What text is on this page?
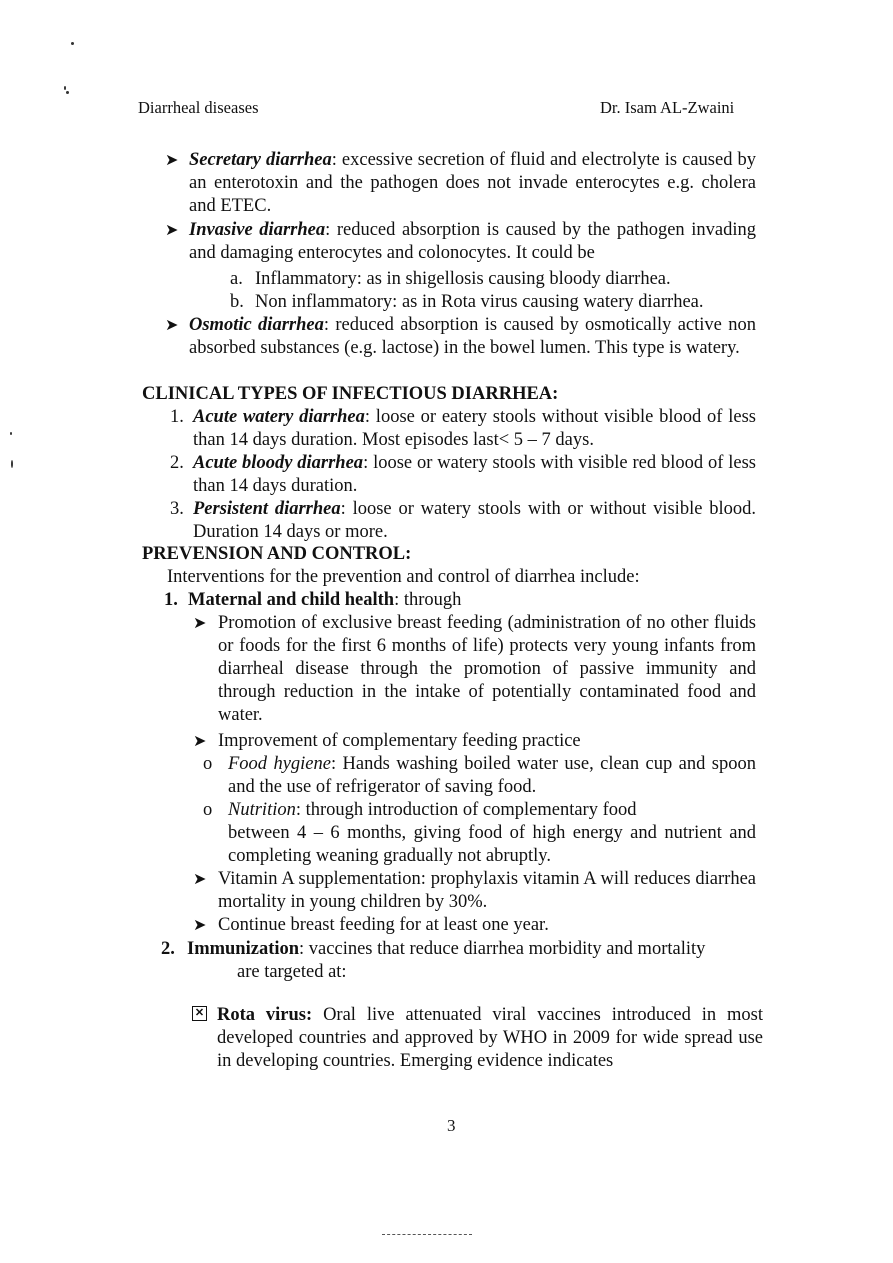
Diarrheal diseases	Dr. Isam AL-Zwaini
➤ Secretary diarrhea: excessive secretion of fluid and electrolyte is caused by an enterotoxin and the pathogen does not invade enterocytes e.g. cholera and ETEC.
➤ Invasive diarrhea: reduced absorption is caused by the pathogen invading and damaging enterocytes and colonocytes. It could be
a. Inflammatory: as in shigellosis causing bloody diarrhea.
b. Non inflammatory: as in Rota virus causing watery diarrhea.
➤ Osmotic diarrhea: reduced absorption is caused by osmotically active non absorbed substances (e.g. lactose) in the bowel lumen. This type is watery.
CLINICAL TYPES OF INFECTIOUS DIARRHEA:
1. Acute watery diarrhea: loose or eatery stools without visible blood of less than 14 days duration. Most episodes last< 5 – 7 days.
2. Acute bloody diarrhea: loose or watery stools with visible red blood of less than 14 days duration.
3. Persistent diarrhea: loose or watery stools with or without visible blood. Duration 14 days or more.
PREVENSION AND CONTROL:
Interventions for the prevention and control of diarrhea include:
1. Maternal and child health: through
➤ Promotion of exclusive breast feeding (administration of no other fluids or foods for the first 6 months of life) protects very young infants from diarrheal disease through the promotion of passive immunity and through reduction in the intake of potentially contaminated food and water.
➤ Improvement of complementary feeding practice
o Food hygiene: Hands washing boiled water use, clean cup and spoon and the use of refrigerator of saving food.
o Nutrition: through introduction of complementary food
between 4 – 6 months, giving food of high energy and nutrient and completing weaning gradually not abruptly.
➤ Vitamin A supplementation: prophylaxis vitamin A will reduces diarrhea mortality in young children by 30%.
➤ Continue breast feeding for at least one year.
2. Immunization: vaccines that reduce diarrhea morbidity and mortality
are targeted at:
✕ Rota virus: Oral live attenuated viral vaccines introduced in most developed countries and approved by WHO in 2009 for wide spread use in developing countries. Emerging evidence indicates
3
